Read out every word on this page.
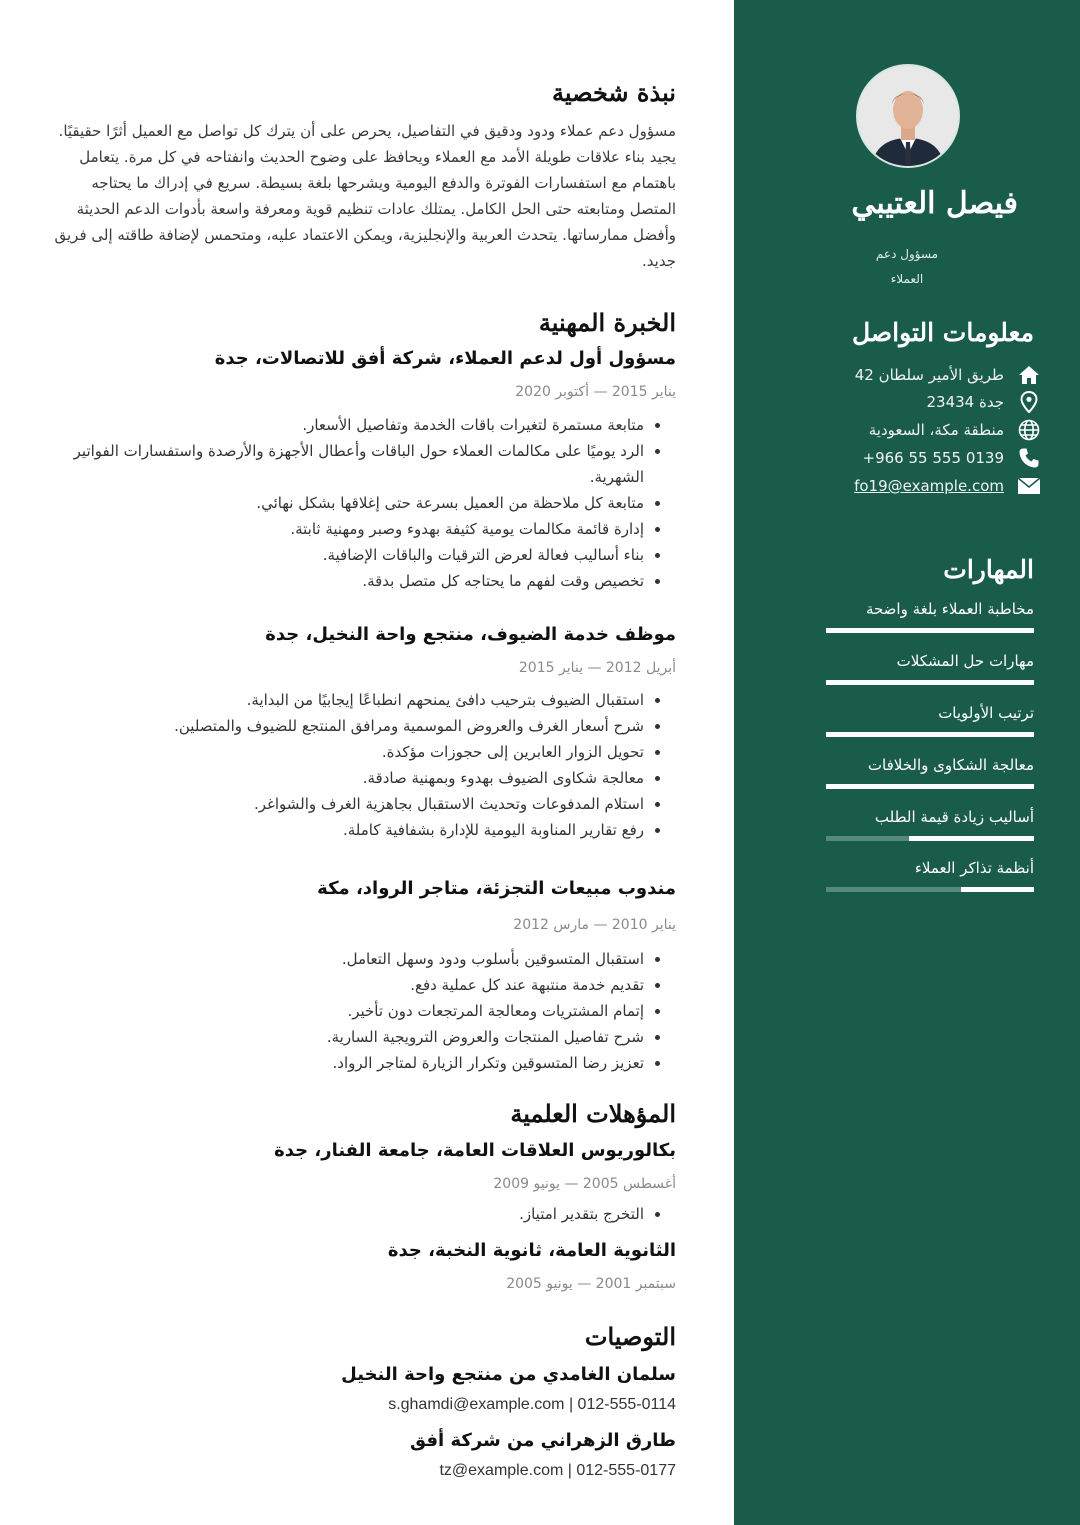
فيصل العتيبي
مسؤول دعم
العملاء
معلومات التواصل
طريق الأمير سلطان 42
جدة 23434
منطقة مكة، السعودية
0139 555 55 966+
fo19@example.com
المهارات
مخاطبة العملاء بلغة واضحة
مهارات حل المشكلات
ترتيب الأولويات
معالجة الشكاوى والخلافات
أساليب زيادة قيمة الطلب
أنظمة تذاكر العملاء
نبذة شخصية

مسؤول دعم عملاء ودود ودقيق في التفاصيل، يحرص على أن يترك كل تواصل مع العميل أثرًا حقيقيًا. يجيد بناء علاقات طويلة الأمد مع العملاء ويحافظ على وضوح الحديث وانفتاحه في كل مرة. يتعامل باهتمام مع استفسارات الفوترة والدفع اليومية ويشرحها بلغة بسيطة. سريع في إدراك ما يحتاجه المتصل ومتابعته حتى الحل الكامل. يمتلك عادات تنظيم قوية ومعرفة واسعة بأدوات الدعم الحديثة وأفضل ممارساتها. يتحدث العربية والإنجليزية، ويمكن الاعتماد عليه، ومتحمس لإضافة طاقته إلى فريق جديد.

الخبرة المهنية
مسؤول أول لدعم العملاء، شركة أفق للاتصالات، جدة
يناير 2015 — أكتوبر 2020
• متابعة مستمرة لتغيرات باقات الخدمة وتفاصيل الأسعار.
• الرد يوميًا على مكالمات العملاء حول الباقات وأعطال الأجهزة والأرصدة واستفسارات الفواتير الشهرية.
• متابعة كل ملاحظة من العميل بسرعة حتى إغلاقها بشكل نهائي.
• إدارة قائمة مكالمات يومية كثيفة بهدوء وصبر ومهنية ثابتة.
• بناء أساليب فعالة لعرض الترقيات والباقات الإضافية.
• تخصيص وقت لفهم ما يحتاجه كل متصل بدقة.
موظف خدمة الضيوف، منتجع واحة النخيل، جدة
أبريل 2012 — يناير 2015
• استقبال الضيوف بترحيب دافئ يمنحهم انطباعًا إيجابيًا من البداية.
• شرح أسعار الغرف والعروض الموسمية ومرافق المنتجع للضيوف والمتصلين.
• تحويل الزوار العابرين إلى حجوزات مؤكدة.
• معالجة شكاوى الضيوف بهدوء وبمهنية صادقة.
• استلام المدفوعات وتحديث الاستقبال بجاهزية الغرف والشواغر.
• رفع تقارير المناوبة اليومية للإدارة بشفافية كاملة.
مندوب مبيعات التجزئة، متاجر الرواد، مكة
يناير 2010 — مارس 2012
• استقبال المتسوقين بأسلوب ودود وسهل التعامل.
• تقديم خدمة منتبهة عند كل عملية دفع.
• إتمام المشتريات ومعالجة المرتجعات دون تأخير.
• شرح تفاصيل المنتجات والعروض الترويجية السارية.
• تعزيز رضا المتسوقين وتكرار الزيارة لمتاجر الرواد.
المؤهلات العلمية
بكالوريوس العلاقات العامة، جامعة الفنار، جدة
أغسطس 2005 — يونيو 2009
• التخرج بتقدير امتياز.
الثانوية العامة، ثانوية النخبة، جدة
سبتمبر 2001 — يونيو 2005
التوصيات
سلمان الغامدي من منتجع واحة النخيل
s.ghamdi@example.com | 012-555-0114
طارق الزهراني من شركة أفق
tz@example.com | 012-555-0177
